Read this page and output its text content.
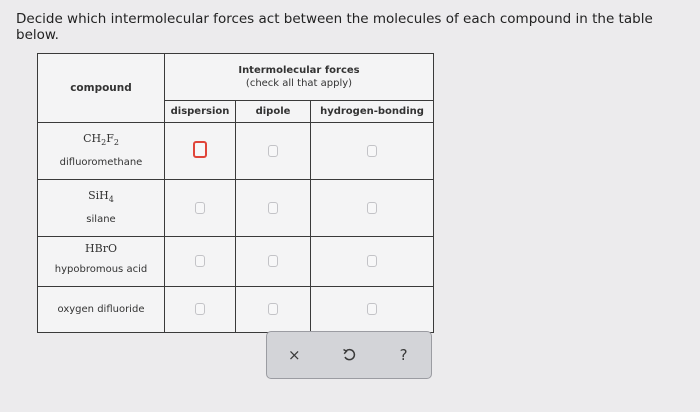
Decide which intermolecular forces act between the molecules of each compound in the table below.
compound	Intermolecular forces
(check all that apply)		

	dispersion	dipole	hydrogen-bonding

$CH_2F_2$
difluoromethane			

SiH$_4$
silane			

HBrO
hypobromous acid			

oxygen difluoride			

×	?
